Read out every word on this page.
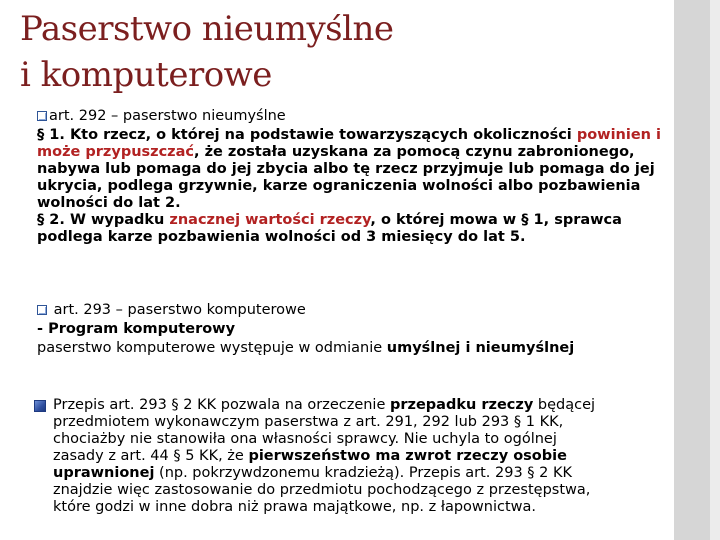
Paserstwo nieumyślne
i komputerowe
art. 292 – paserstwo nieumyślne
§ 1. Kto rzecz, o której na podstawie towarzyszących okoliczności powinien i
może przypuszczać, że została uzyskana za pomocą czynu zabronionego,
nabywa lub pomaga do jej zbycia albo tę rzecz przyjmuje lub pomaga do jej
ukrycia, podlega grzywnie, karze ograniczenia wolności albo pozbawienia
wolności do lat 2.
§ 2. W wypadku znacznej wartości rzeczy, o której mowa w § 1, sprawca
podlega karze pozbawienia wolności od 3 miesięcy do lat 5.
art. 293 – paserstwo komputerowe
- Program komputerowy
paserstwo komputerowe występuje w odmianie umyślnej i nieumyślnej
Przepis art. 293 § 2 KK pozwala na orzeczenie przepadku rzeczy będącej
przedmiotem wykonawczym paserstwa z art. 291, 292 lub 293 § 1 KK,
chociażby nie stanowiła ona własności sprawcy. Nie uchyla to ogólnej
zasady z art. 44 § 5 KK, że pierwszeństwo ma zwrot rzeczy osobie
uprawnionej (np. pokrzywdzonemu kradzieżą). Przepis art. 293 § 2 KK
znajdzie więc zastosowanie do przedmiotu pochodzącego z przestępstwa,
które godzi w inne dobra niż prawa majątkowe, np. z łapownictwa.
